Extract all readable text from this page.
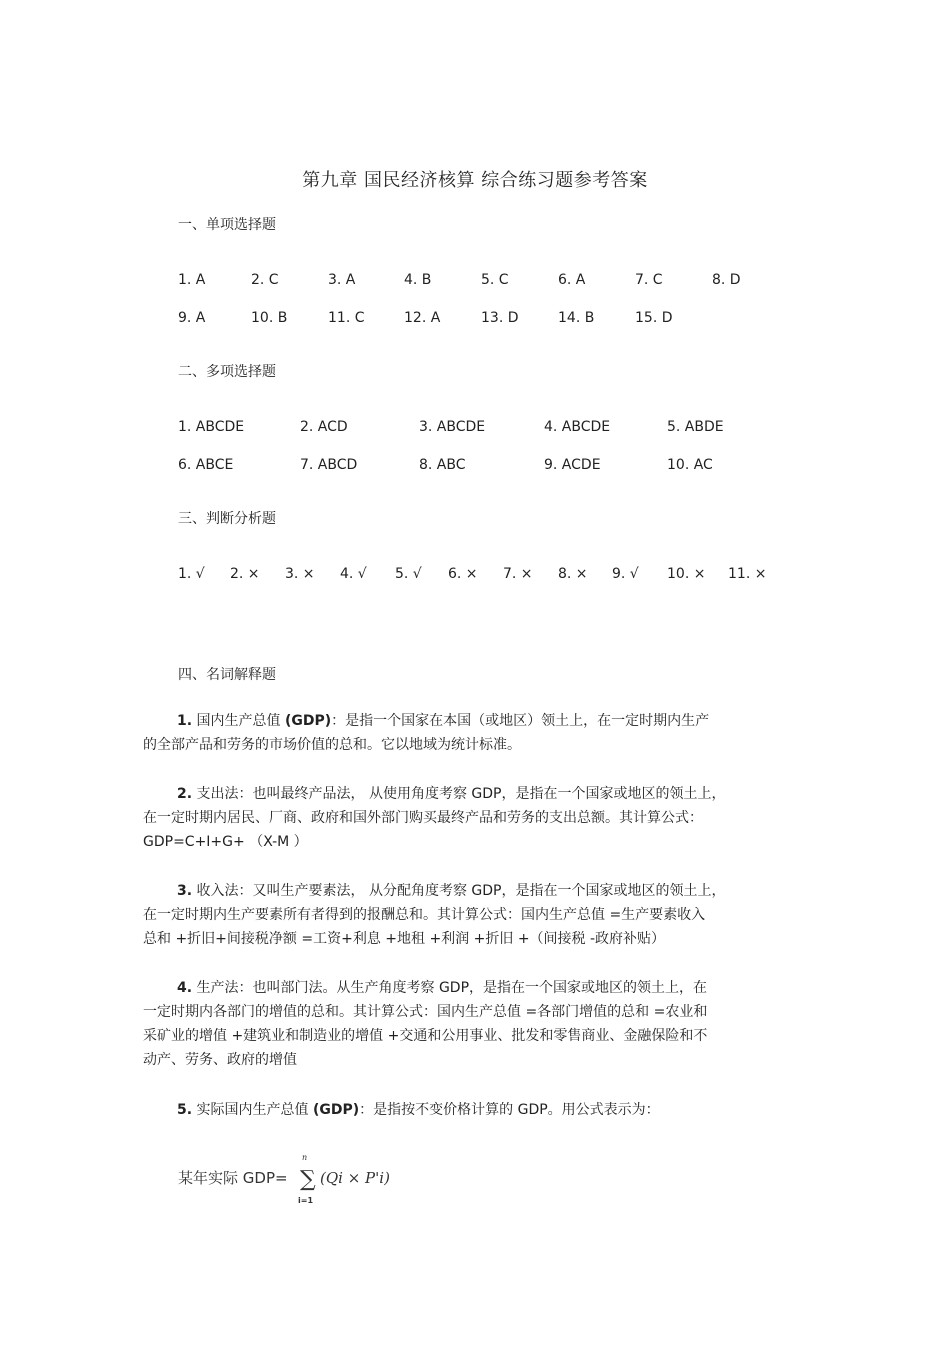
第九章 国民经济核算 综合练习题参考答案
一、单项选择题
1. A	2. C	3. A	4. B	5. C	6. A	7. C	8. D
9. A	10. B	11. C	12. A	13. D	14. B	15. D
二、多项选择题
1. ABCDE	2. ACD	3. ABCDE	4. ABCDE	5. ABDE
6. ABCE	7. ABCD	8. ABC	9. ACDE	10. AC
三、判断分析题
1. √ 2. × 3. × 4. √ 5. √ 6. × 7. × 8. × 9. √ 10. × 11. ×
四、名词解释题
1. 国内生产总值 (GDP)：是指一个国家在本国（或地区）领土上，在一定时期内生产
的全部产品和劳务的市场价值的总和。它以地域为统计标准。
2. 支出法：也叫最终产品法， 从使用角度考察 GDP，是指在一个国家或地区的领土上，
在一定时期内居民、厂商、政府和国外部门购买最终产品和劳务的支出总额。其计算公式：
GDP=C+I+G+ （X-M ）
3. 收入法：又叫生产要素法， 从分配角度考察 GDP，是指在一个国家或地区的领土上，
在一定时期内生产要素所有者得到的报酬总和。其计算公式：国内生产总值 =生产要素收入
总和 +折旧+间接税净额 =工资+利息 +地租 +利润 +折旧 +（间接税 -政府补贴）
4. 生产法：也叫部门法。从生产角度考察 GDP，是指在一个国家或地区的领土上，在
一定时期内各部门的增值的总和。其计算公式：国内生产总值 =各部门增值的总和 =农业和
采矿业的增值 +建筑业和制造业的增值 +交通和公用事业、批发和零售商业、金融保险和不
动产、劳务、政府的增值
5. 实际国内生产总值 (GDP)：是指按不变价格计算的 GDP。用公式表示为：
某年实际 GDP=
n
∑
i=1
(Qi × P'i)
